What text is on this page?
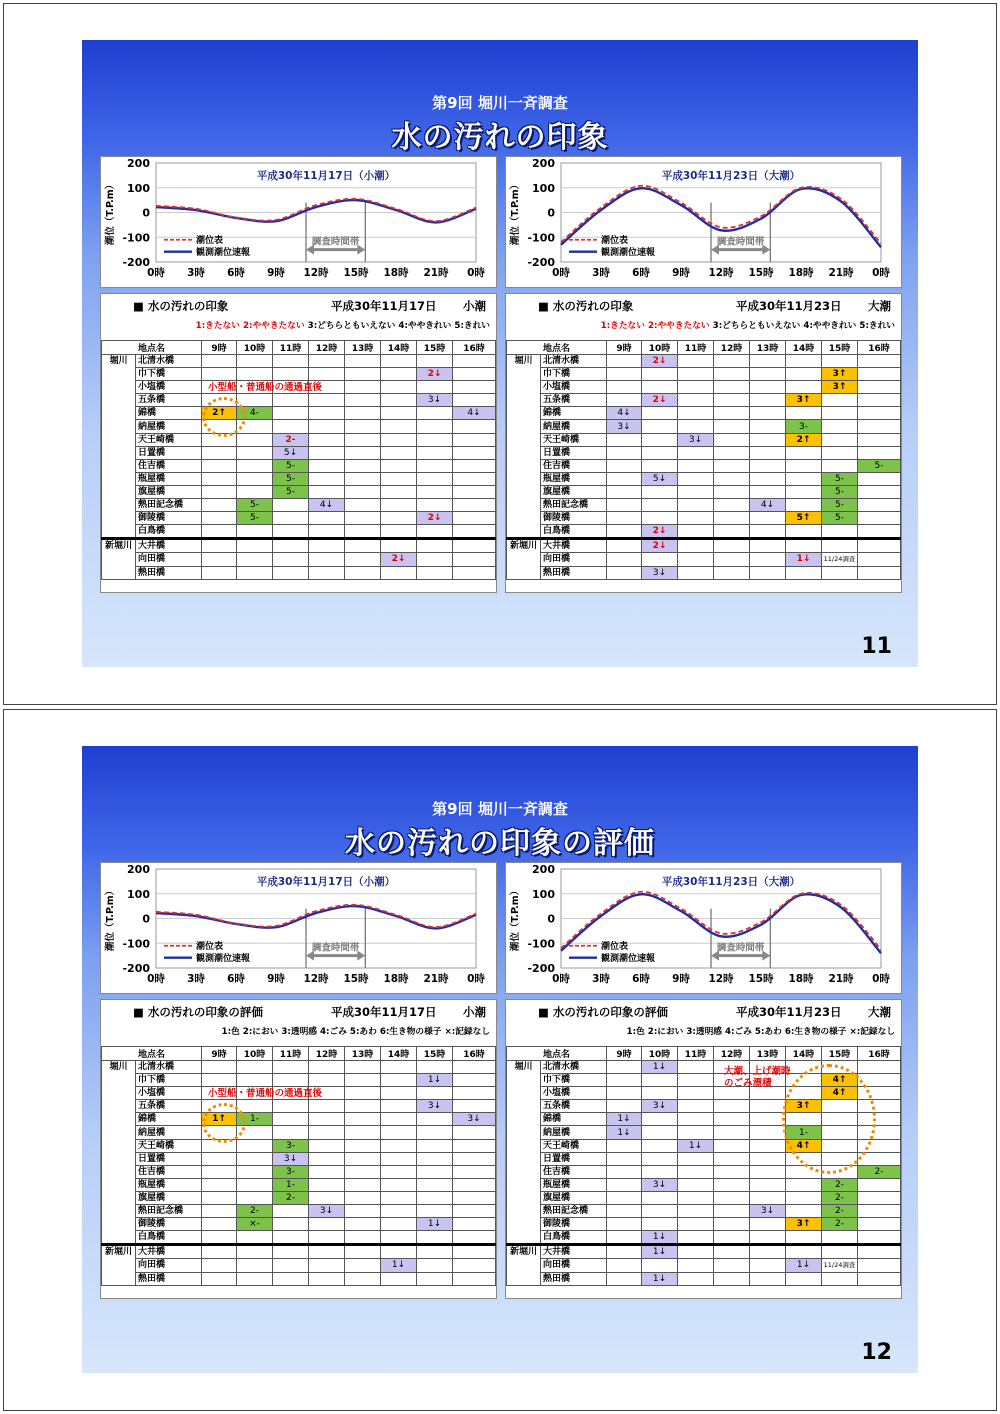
第9回 堀川一斉調査
水の汚れの印象
200
100
0
-100
-200
0時 3時 6時 9時 12時 15時 18時 21時 0時
潮位（T.P.m）	調査時間帯
潮位表
観測潮位速報
平成30年11月17日（小潮）
200
100
0
-100
-200
0時 3時 6時 9時 12時 15時 18時 21時 0時
潮位（T.P.m）	調査時間帯
潮位表
観測潮位速報
平成30年11月23日（大潮）
■ 水の汚れの印象	平成30年11月17日 小潮
1:きたない 2:ややきたない 3:どちらともいえない 4:ややきれい 5:きれい
地点名		9時	10時	11時	12時	13時	14時	15時	16時
堀川	北清水橋								
	巾下橋							2↓	
	小塩橋								
	五条橋							3↓	
	錦橋	2↑	4-						4↓
	納屋橋								
	天王崎橋			2-					
	日置橋			5↓					
	住吉橋			5-					
	瓶屋橋			5-					
	旗屋橋			5-					
	熱田記念橋		5-		4↓				
	御陵橋		5-					2↓	
	白鳥橋								
新堀川	大井橋								
	向田橋						2↓		
	熱田橋								
■ 水の汚れの印象	平成30年11月23日 大潮
1:きたない 2:ややきたない 3:どちらともいえない 4:ややきれい 5:きれい
地点名		9時	10時	11時	12時	13時	14時	15時	16時
堀川	北清水橋		2↓						
	巾下橋							3↑	
	小塩橋							3↑	
	五条橋		2↓				3↑		
	錦橋	4↓							
	納屋橋	3↓					3-		
	天王崎橋			3↓			2↑		
	日置橋								
	住吉橋								5-
	瓶屋橋		5↓					5-	
	旗屋橋							5-	
	熱田記念橋					4↓		5-	
	御陵橋						5↑	5-	
	白鳥橋		2↓						
新堀川	大井橋		2↓						
	向田橋						1↓	11/24調査	
	熱田橋		3↓						
小型船・普通船の通過直後
11
第9回 堀川一斉調査
水の汚れの印象の評価
200
100
0
-100
-200
0時 3時 6時 9時 12時 15時 18時 21時 0時
潮位（T.P.m）	調査時間帯
潮位表
観測潮位速報
平成30年11月17日（小潮）
200
100
0
-100
-200
0時 3時 6時 9時 12時 15時 18時 21時 0時
潮位（T.P.m）	調査時間帯
潮位表
観測潮位速報
平成30年11月23日（大潮）
■ 水の汚れの印象の評価	平成30年11月17日 小潮
1:色 2:におい 3:透明感 4:ごみ 5:あわ 6:生き物の様子 ×:記録なし
地点名		9時	10時	11時	12時	13時	14時	15時	16時
堀川	北清水橋								
	巾下橋							1↓	
	小塩橋								
	五条橋							3↓	
	錦橋	1↑	1-						3↓
	納屋橋								
	天王崎橋			3-					
	日置橋			3↓					
	住吉橋			3-					
	瓶屋橋			1-					
	旗屋橋			2-					
	熱田記念橋		2-		3↓				
	御陵橋		×-					1↓	
	白鳥橋								
新堀川	大井橋								
	向田橋						1↓		
	熱田橋								
■ 水の汚れの印象の評価	平成30年11月23日 大潮
1:色 2:におい 3:透明感 4:ごみ 5:あわ 6:生き物の様子 ×:記録なし
地点名		9時	10時	11時	12時	13時	14時	15時	16時
堀川	北清水橋		1↓						
	巾下橋							4↑	
	小塩橋							4↑	
	五条橋		3↓				3↑		
	錦橋	1↓							
	納屋橋	1↓					1-		
	天王崎橋			1↓			4↑		
	日置橋								
	住吉橋								2-
	瓶屋橋		3↓					2-	
	旗屋橋							2-	
	熱田記念橋					3↓		2-	
	御陵橋						3↑	2-	
	白鳥橋		1↓						
新堀川	大井橋		1↓						
	向田橋						1↓	11/24調査	
	熱田橋		1↓						
小型船・普通船の通過直後
大潮、上げ潮時
のごみ漂積
12
